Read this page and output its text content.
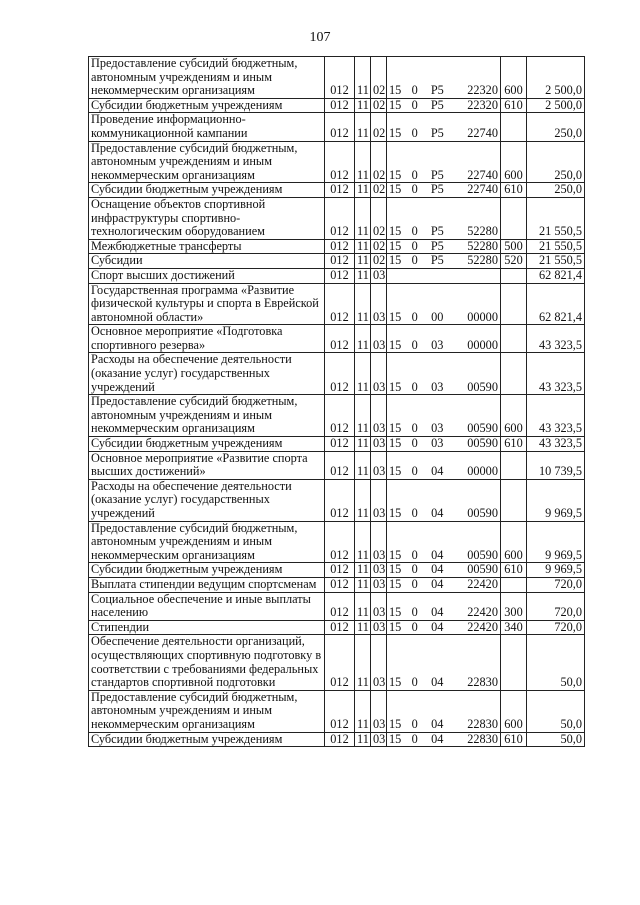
107
Предоставление субсидий бюджетным, автономным учреждениям и иным некоммерческим организациям	012	11	02	15 0 P5 22320	600	2 500,0
Субсидии бюджетным учреждениям	012	11	02	15 0 P5 22320	610	2 500,0
Проведение информационно-коммуникационной кампании	012	11	02	15 0 P5 22740		250,0
Предоставление субсидий бюджетным, автономным учреждениям и иным некоммерческим организациям	012	11	02	15 0 P5 22740	600	250,0
Субсидии бюджетным учреждениям	012	11	02	15 0 P5 22740	610	250,0
Оснащение объектов спортивной инфраструктуры спортивно-технологическим оборудованием	012	11	02	15 0 P5 52280		21 550,5
Межбюджетные трансферты	012	11	02	15 0 P5 52280	500	21 550,5
Субсидии	012	11	02	15 0 P5 52280	520	21 550,5
Спорт высших достижений	012	11	03			62 821,4
Государственная программа «Развитие физической культуры и спорта в Еврейской автономной области»	012	11	03	15 0 00 00000		62 821,4
Основное мероприятие «Подготовка спортивного резерва»	012	11	03	15 0 03 00000		43 323,5
Расходы на обеспечение деятельности (оказание услуг) государственных учреждений	012	11	03	15 0 03 00590		43 323,5
Предоставление субсидий бюджетным, автономным учреждениям и иным некоммерческим организациям	012	11	03	15 0 03 00590	600	43 323,5
Субсидии бюджетным учреждениям	012	11	03	15 0 03 00590	610	43 323,5
Основное мероприятие «Развитие спорта высших достижений»	012	11	03	15 0 04 00000		10 739,5
Расходы на обеспечение деятельности (оказание услуг) государственных учреждений	012	11	03	15 0 04 00590		9 969,5
Предоставление субсидий бюджетным, автономным учреждениям и иным некоммерческим организациям	012	11	03	15 0 04 00590	600	9 969,5
Субсидии бюджетным учреждениям	012	11	03	15 0 04 00590	610	9 969,5
Выплата стипендии ведущим спортсменам	012	11	03	15 0 04 22420		720,0
Социальное обеспечение и иные выплаты населению	012	11	03	15 0 04 22420	300	720,0
Стипендии	012	11	03	15 0 04 22420	340	720,0
Обеспечение деятельности организаций, осуществляющих спортивную подготовку в соответствии с требованиями федеральных стандартов спортивной подготовки	012	11	03	15 0 04 22830		50,0
Предоставление субсидий бюджетным, автономным учреждениям и иным некоммерческим организациям	012	11	03	15 0 04 22830	600	50,0
Субсидии бюджетным учреждениям	012	11	03	15 0 04 22830	610	50,0
